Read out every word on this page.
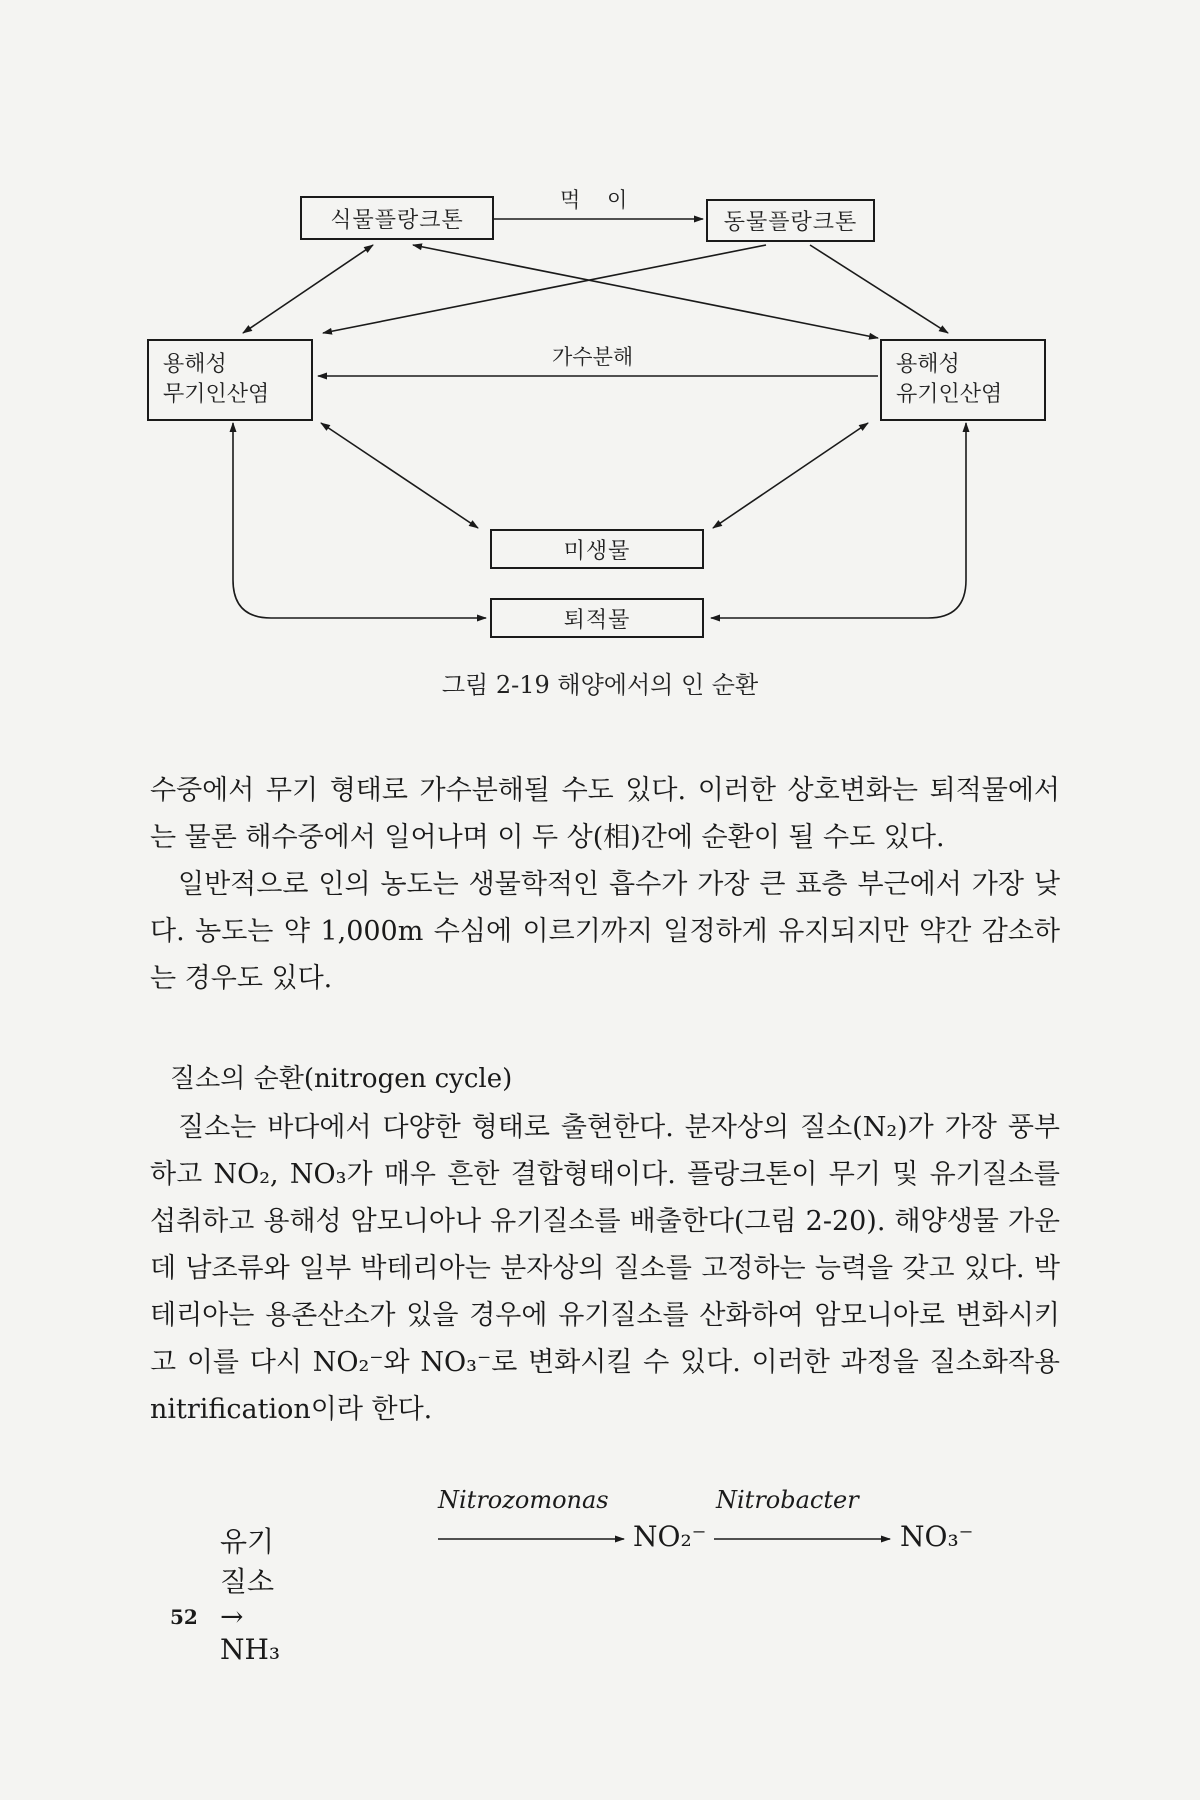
식물플랑크톤	동물플랑크톤
용해성
무기인산염
용해성
유기인산염
미생물
퇴적물
먹 이
가수분해
그림 2-19 해양에서의 인 순환

수중에서 무기 형태로 가수분해될 수도 있다. 이러한 상호변화는 퇴적물에서는 물론 해수중에서 일어나며 이 두 상(相)간에 순환이 될 수도 있다.

일반적으로 인의 농도는 생물학적인 흡수가 가장 큰 표층 부근에서 가장 낮다. 농도는 약 1,000m 수심에 이르기까지 일정하게 유지되지만 약간 감소하는 경우도 있다.

질소의 순환(nitrogen cycle)

질소는 바다에서 다양한 형태로 출현한다. 분자상의 질소(N₂)가 가장 풍부하고 NO₂, NO₃가 매우 흔한 결합형태이다. 플랑크톤이 무기 및 유기질소를 섭취하고 용해성 암모니아나 유기질소를 배출한다(그림 2-20). 해양생물 가운데 남조류와 일부 박테리아는 분자상의 질소를 고정하는 능력을 갖고 있다. 박테리아는 용존산소가 있을 경우에 유기질소를 산화하여 암모니아로 변화시키고 이를 다시 NO₂⁻와 NO₃⁻로 변화시킬 수 있다. 이러한 과정을 질소화작용 nitrification이라 한다.

유기질소→ NH₃
Nitrozomonas
NO₂⁻
Nitrobacter
NO₃⁻
52
